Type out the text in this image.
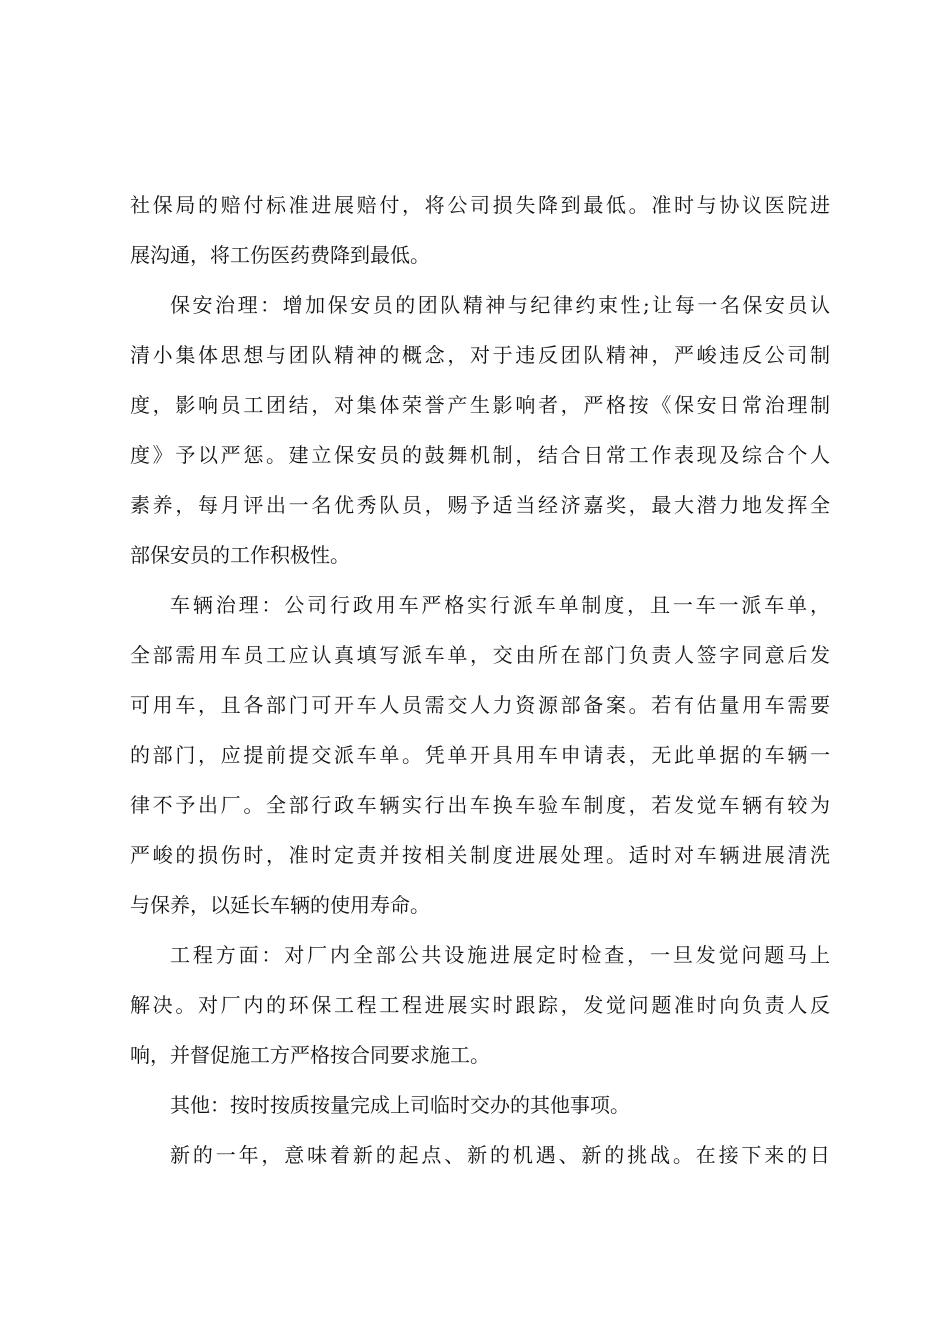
社保局的赔付标准进展赔付，将公司损失降到最低。准时与协议医院进
展沟通，将工伤医药费降到最低。
保安治理：增加保安员的团队精神与纪律约束性;让每一名保安员认
清小集体思想与团队精神的概念，对于违反团队精神，严峻违反公司制
度，影响员工团结，对集体荣誉产生影响者，严格按《保安日常治理制
度》予以严惩。建立保安员的鼓舞机制，结合日常工作表现及综合个人
素养，每月评出一名优秀队员，赐予适当经济嘉奖，最大潜力地发挥全
部保安员的工作积极性。
车辆治理：公司行政用车严格实行派车单制度，且一车一派车单，
全部需用车员工应认真填写派车单，交由所在部门负责人签字同意后发
可用车，且各部门可开车人员需交人力资源部备案。若有估量用车需要
的部门，应提前提交派车单。凭单开具用车申请表，无此单据的车辆一
律不予出厂。全部行政车辆实行出车换车验车制度，若发觉车辆有较为
严峻的损伤时，准时定责并按相关制度进展处理。适时对车辆进展清洗
与保养，以延长车辆的使用寿命。
工程方面：对厂内全部公共设施进展定时检查，一旦发觉问题马上
解决。对厂内的环保工程工程进展实时跟踪，发觉问题准时向负责人反
响，并督促施工方严格按合同要求施工。
其他：按时按质按量完成上司临时交办的其他事项。
新的一年，意味着新的起点、新的机遇、新的挑战。在接下来的日
